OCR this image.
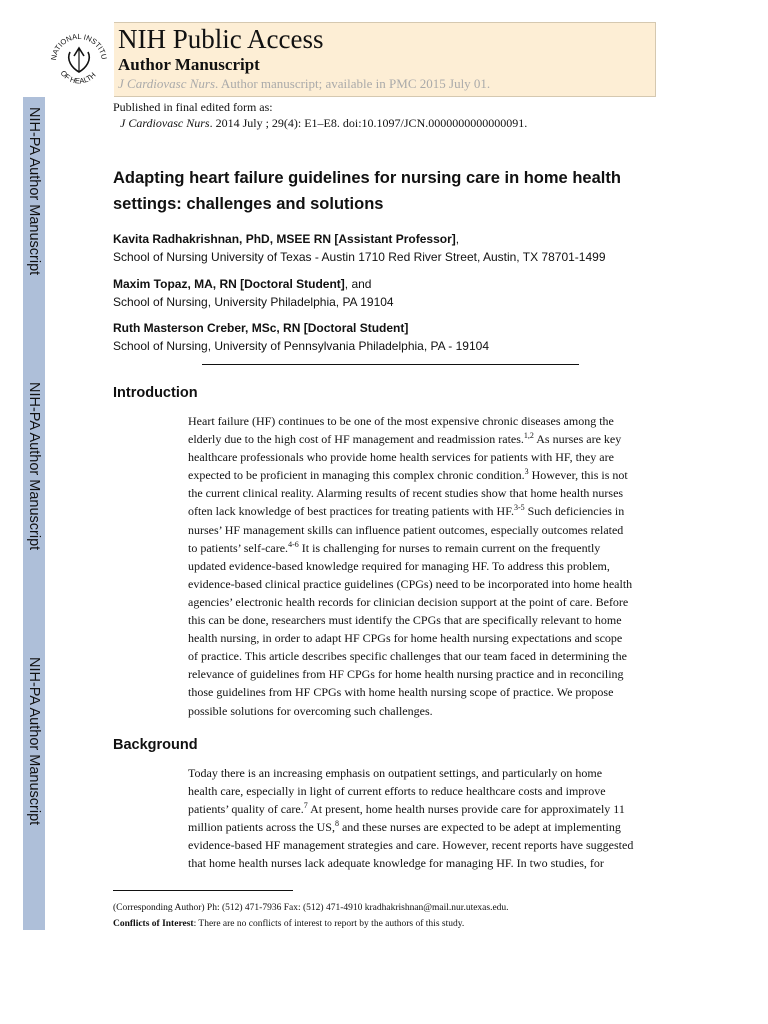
NIH-PA Author Manuscript
NIH-PA Author Manuscript
NIH-PA Author Manuscript
NATIONAL INSTITU
OF HEALTH
NIH Public Access
Author Manuscript
J Cardiovasc Nurs. Author manuscript; available in PMC 2015 July 01.
Published in final edited form as:
J Cardiovasc Nurs. 2014 July ; 29(4): E1–E8. doi:10.1097/JCN.0000000000000091.
Adapting heart failure guidelines for nursing care in home health
settings: challenges and solutions
Kavita Radhakrishnan, PhD, MSEE RN [Assistant Professor],
School of Nursing University of Texas - Austin 1710 Red River Street, Austin, TX 78701-1499
Maxim Topaz, MA, RN [Doctoral Student], and
School of Nursing, University Philadelphia, PA 19104
Ruth Masterson Creber, MSc, RN [Doctoral Student]
School of Nursing, University of Pennsylvania Philadelphia, PA - 19104
Introduction
Heart failure (HF) continues to be one of the most expensive chronic diseases among the
elderly due to the high cost of HF management and readmission rates.$^{1,2}$ As nurses are key
healthcare professionals who provide home health services for patients with HF, they are
expected to be proficient in managing this complex chronic condition.$^3$ However, this is not
the current clinical reality. Alarming results of recent studies show that home health nurses
often lack knowledge of best practices for treating patients with HF.$^{3-5}$ Such deficiencies in
nurses’ HF management skills can influence patient outcomes, especially outcomes related
to patients’ self-care.$^{4-6}$ It is challenging for nurses to remain current on the frequently
updated evidence-based knowledge required for managing HF. To address this problem,
evidence-based clinical practice guidelines (CPGs) need to be incorporated into home health
agencies’ electronic health records for clinician decision support at the point of care. Before
this can be done, researchers must identify the CPGs that are specifically relevant to home
health nursing, in order to adapt HF CPGs for home health nursing expectations and scope
of practice. This article describes specific challenges that our team faced in determining the
relevance of guidelines from HF CPGs for home health nursing practice and in reconciling
those guidelines from HF CPGs with home health nursing scope of practice. We propose
possible solutions for overcoming such challenges.
Background
Today there is an increasing emphasis on outpatient settings, and particularly on home
health care, especially in light of current efforts to reduce healthcare costs and improve
patients’ quality of care.$^7$ At present, home health nurses provide care for approximately 11
million patients across the US,$^8$ and these nurses are expected to be adept at implementing
evidence-based HF management strategies and care. However, recent reports have suggested
that home health nurses lack adequate knowledge for managing HF. In two studies, for
(Corresponding Author) Ph: (512) 471-7936 Fax: (512) 471-4910 kradhakrishnan@mail.nur.utexas.edu.
Conflicts of Interest: There are no conflicts of interest to report by the authors of this study.
